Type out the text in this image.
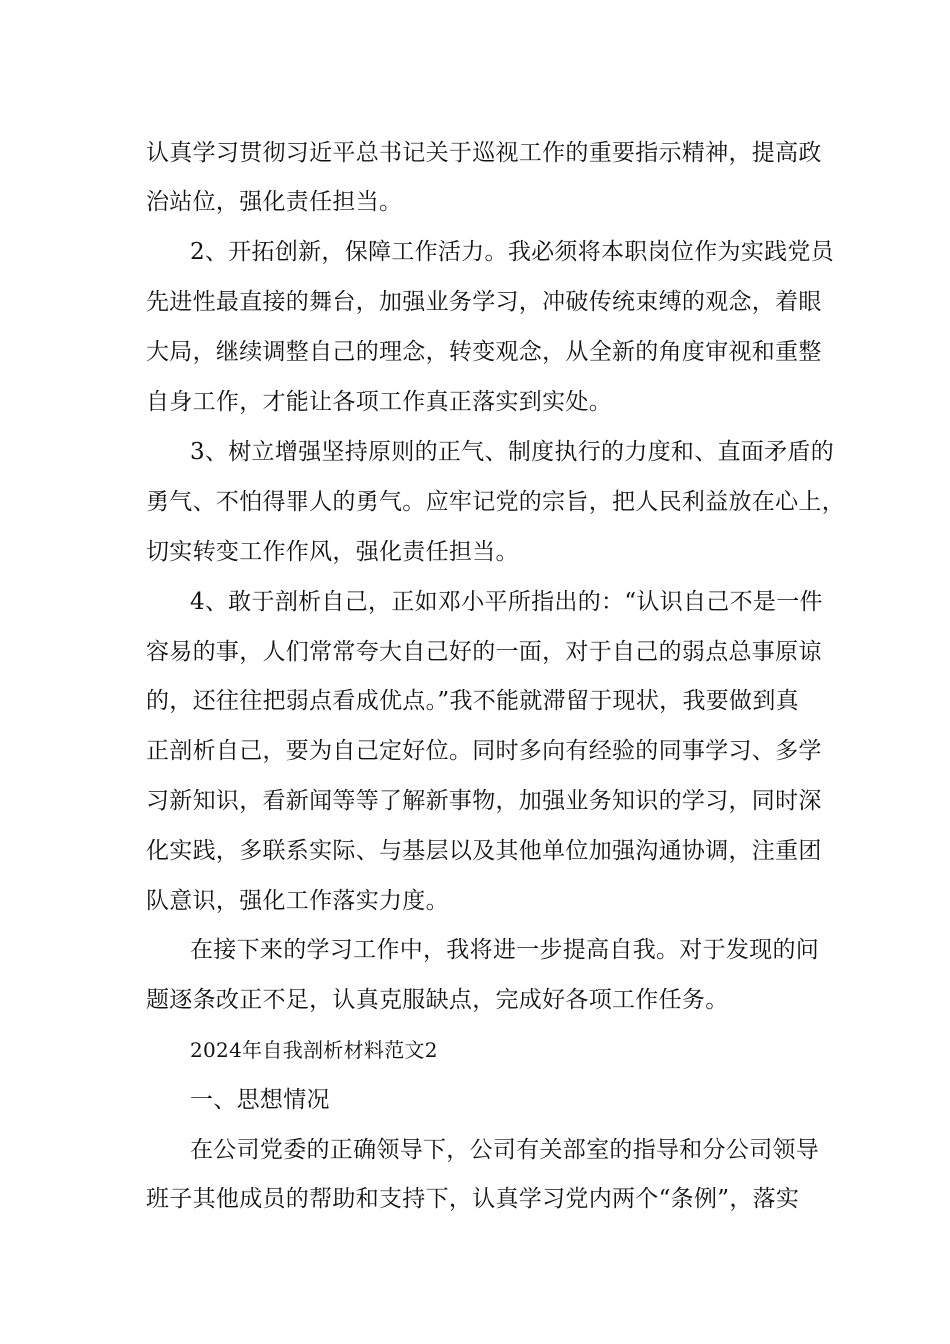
认真学习贯彻习近平总书记关于巡视工作的重要指示精神，提高政
治站位，强化责任担当。
2、开拓创新，保障工作活力。我必须将本职岗位作为实践党员
先进性最直接的舞台，加强业务学习，冲破传统束缚的观念，着眼
大局，继续调整自己的理念，转变观念，从全新的角度审视和重整
自身工作，才能让各项工作真正落实到实处。
3、树立增强坚持原则的正气、制度执行的力度和、直面矛盾的
勇气、不怕得罪人的勇气。应牢记党的宗旨，把人民利益放在心上，
切实转变工作作风，强化责任担当。
4、敢于剖析自己，正如邓小平所指出的：“认识自己不是一件
容易的事，人们常常夸大自己好的一面，对于自己的弱点总事原谅
的，还往往把弱点看成优点。”我不能就滞留于现状，我要做到真
正剖析自己，要为自己定好位。同时多向有经验的同事学习、多学
习新知识，看新闻等等了解新事物，加强业务知识的学习，同时深
化实践，多联系实际、与基层以及其他单位加强沟通协调，注重团
队意识，强化工作落实力度。
在接下来的学习工作中，我将进一步提高自我。对于发现的问
题逐条改正不足，认真克服缺点，完成好各项工作任务。
2024年自我剖析材料范文2
一、思想情况
在公司党委的正确领导下，公司有关部室的指导和分公司领导
班子其他成员的帮助和支持下，认真学习党内两个“条例”，落实
